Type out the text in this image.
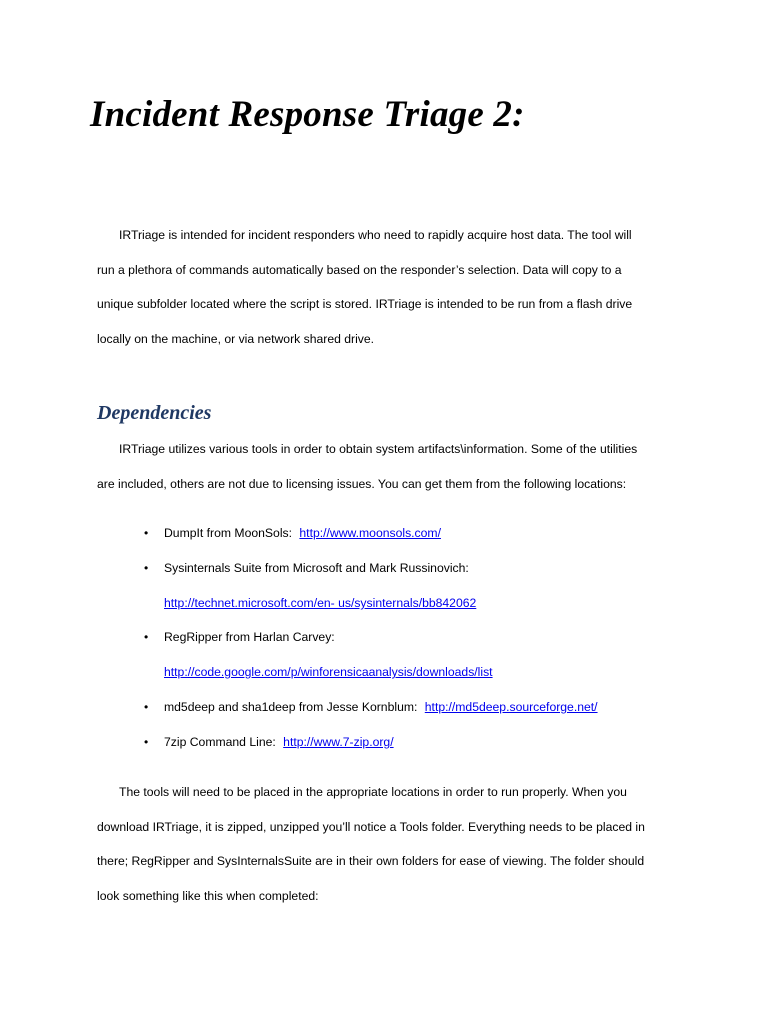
Incident Response Triage 2:
IRTriage is intended for incident responders who need to rapidly acquire host data. The tool will
run a plethora of commands automatically based on the responder’s selection. Data will copy to a
unique subfolder located where the script is stored. IRTriage is intended to be run from a flash drive
locally on the machine, or via network shared drive.
Dependencies
IRTriage utilizes various tools in order to obtain system artifacts\information. Some of the utilities
are included, others are not due to licensing issues. You can get them from the following locations:
• DumpIt from MoonSols: http://www.moonsols.com/
• Sysinternals Suite from Microsoft and Mark Russinovich:
http://technet.microsoft.com/en- us/sysinternals/bb842062
• RegRipper from Harlan Carvey:
http://code.google.com/p/winforensicaanalysis/downloads/list
• md5deep and sha1deep from Jesse Kornblum: http://md5deep.sourceforge.net/
• 7zip Command Line: http://www.7-zip.org/
The tools will need to be placed in the appropriate locations in order to run properly. When you
download IRTriage, it is zipped, unzipped you’ll notice a Tools folder. Everything needs to be placed in
there; RegRipper and SysInternalsSuite are in their own folders for ease of viewing. The folder should
look something like this when completed:
